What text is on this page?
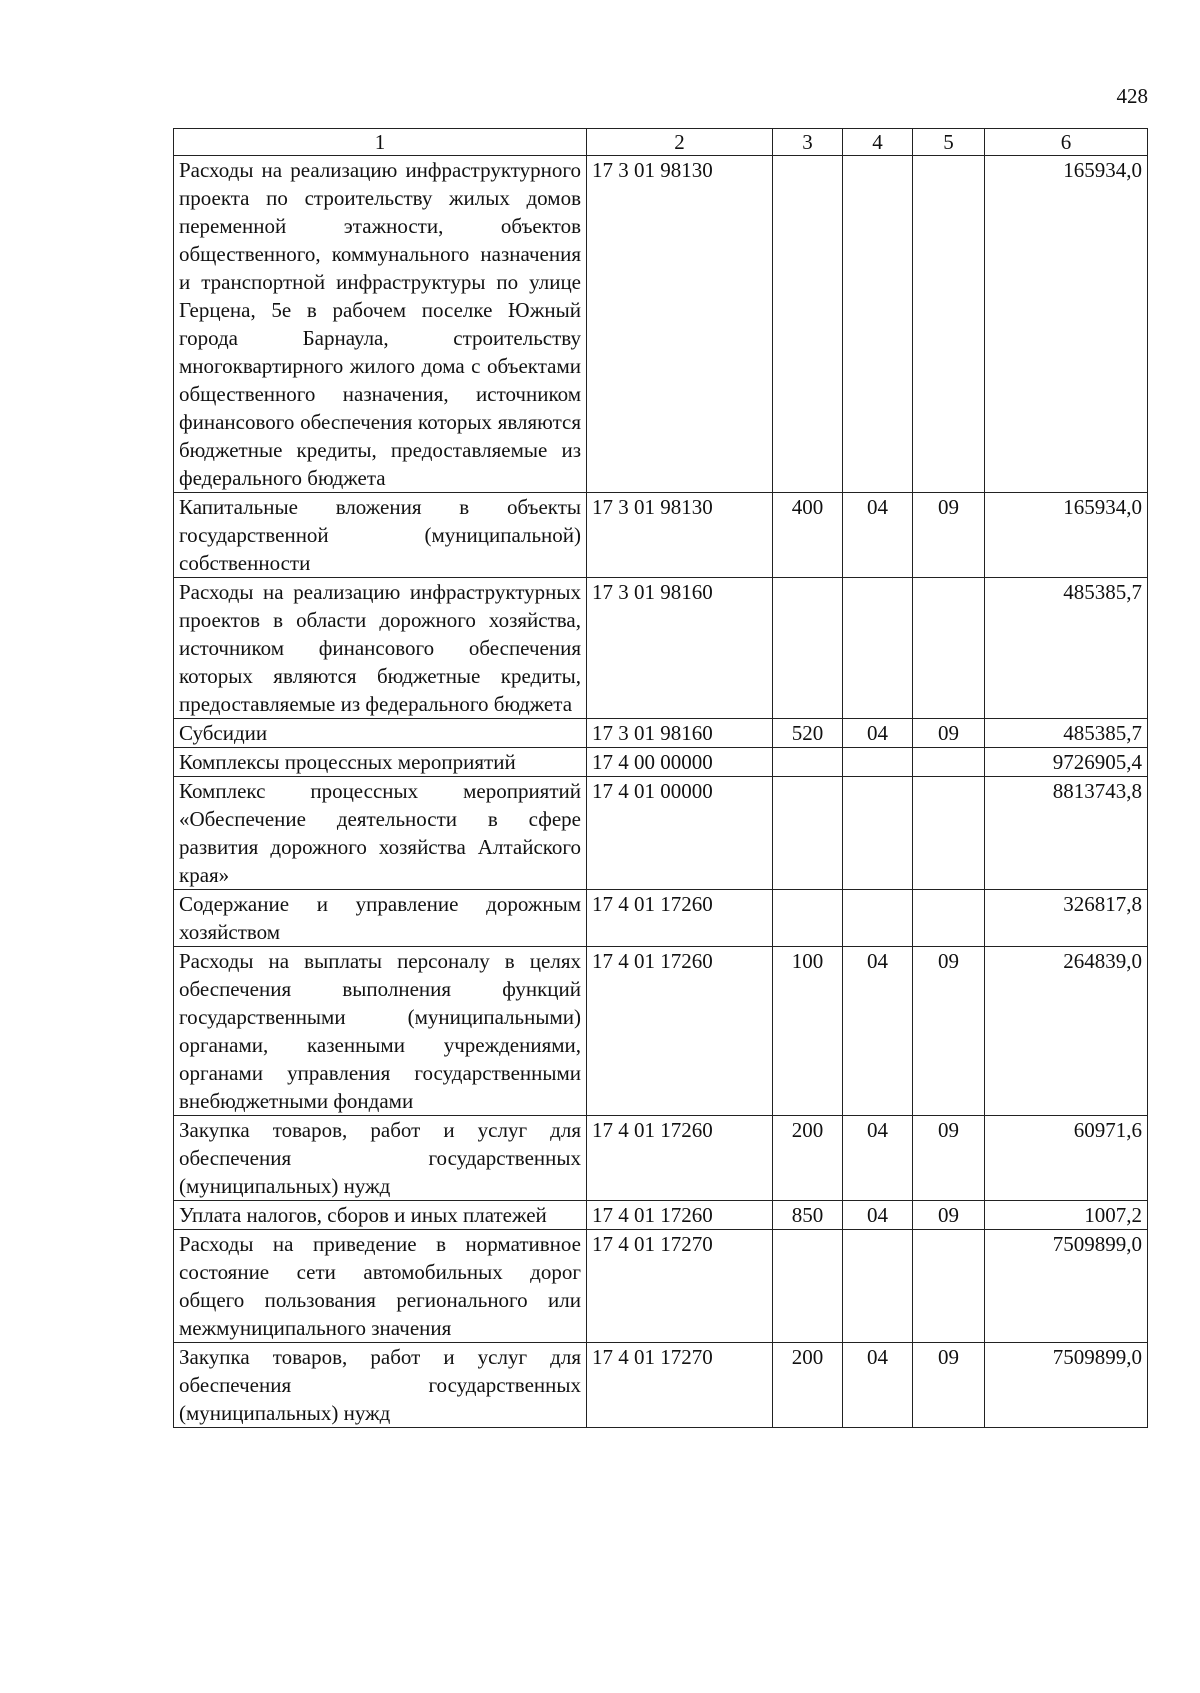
428
1	2	3	4	5	6
Расходы на реализацию инфраструктурного проекта по строительству жилых домов переменной этажности, объектов общественного, коммунального назначения и транспортной инфраструктуры по улице Герцена, 5е в рабочем поселке Южный города Барнаула, строительству многоквартирного жилого дома с объектами общественного назначения, источником финансового обеспечения которых являются бюджетные кредиты, предоставляемые из федерального бюджета	17 3 01 98130				165934,0
Капитальные вложения в объекты государственной (муниципальной) собственности	17 3 01 98130	400	04	09	165934,0
Расходы на реализацию инфраструктурных проектов в области дорожного хозяйства, источником финансового обеспечения которых являются бюджетные кредиты, предоставляемые из федерального бюджета	17 3 01 98160				485385,7
Субсидии	17 3 01 98160	520	04	09	485385,7
Комплексы процессных мероприятий	17 4 00 00000				9726905,4
Комплекс процессных мероприятий «Обеспечение деятельности в сфере развития дорожного хозяйства Алтайского края»	17 4 01 00000				8813743,8
Содержание и управление дорожным хозяйством	17 4 01 17260				326817,8
Расходы на выплаты персоналу в целях обеспечения выполнения функций государственными (муниципальными) органами, казенными учреждениями, органами управления государственными внебюджетными фондами	17 4 01 17260	100	04	09	264839,0
Закупка товаров, работ и услуг для обеспечения государственных (муниципальных) нужд	17 4 01 17260	200	04	09	60971,6
Уплата налогов, сборов и иных платежей	17 4 01 17260	850	04	09	1007,2
Расходы на приведение в нормативное состояние сети автомобильных дорог общего пользования регионального или межмуниципального значения	17 4 01 17270				7509899,0
Закупка товаров, работ и услуг для обеспечения государственных (муниципальных) нужд	17 4 01 17270	200	04	09	7509899,0
